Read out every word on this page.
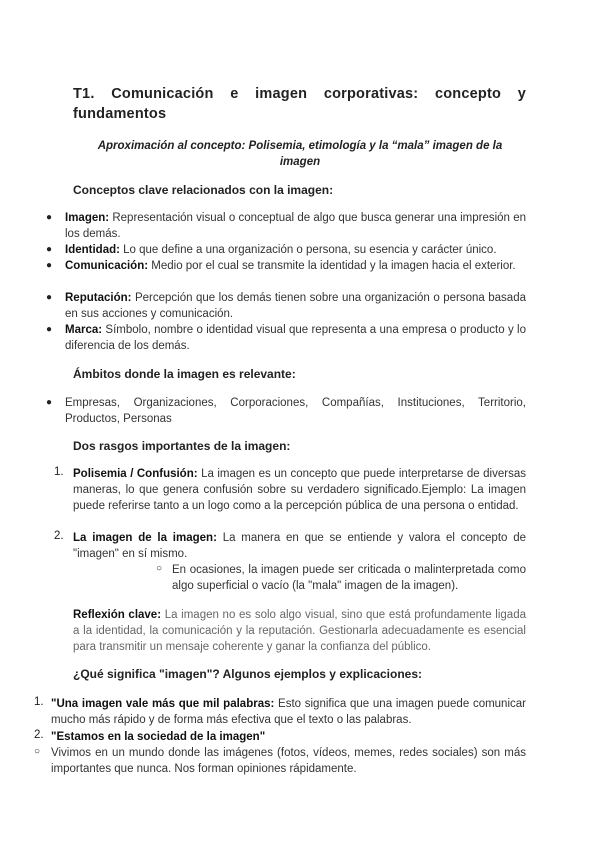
T1. Comunicación e imagen corporativas: concepto y
fundamentos
Aproximación al concepto: Polisemia, etimología y la “mala” imagen de la imagen
Conceptos clave relacionados con la imagen:
● Imagen: Representación visual o conceptual de algo que busca generar una impresión en los demás.
● Identidad: Lo que define a una organización o persona, su esencia y carácter único.
● Comunicación: Medio por el cual se transmite la identidad y la imagen hacia el exterior.
● Reputación: Percepción que los demás tienen sobre una organización o persona basada en sus acciones y comunicación.
● Marca: Símbolo, nombre o identidad visual que representa a una empresa o producto y lo diferencia de los demás.
Ámbitos donde la imagen es relevante:
● Empresas, Organizaciones, Corporaciones, Compañías, Instituciones, Territorio, Productos, Personas
Dos rasgos importantes de la imagen:
1. Polisemia / Confusión: La imagen es un concepto que puede interpretarse de diversas maneras, lo que genera confusión sobre su verdadero significado.Ejemplo: La imagen puede referirse tanto a un logo como a la percepción pública de una persona o entidad.
2. La imagen de la imagen: La manera en que se entiende y valora el concepto de "imagen" en sí mismo.
○ En ocasiones, la imagen puede ser criticada o malinterpretada como algo superficial o vacío (la "mala" imagen de la imagen).
Reflexión clave: La imagen no es solo algo visual, sino que está profundamente ligada a la identidad, la comunicación y la reputación. Gestionarla adecuadamente es esencial para transmitir un mensaje coherente y ganar la confianza del público.
¿Qué significa "imagen"? Algunos ejemplos y explicaciones:
1. "Una imagen vale más que mil palabras: Esto significa que una imagen puede comunicar mucho más rápido y de forma más efectiva que el texto o las palabras.
2. "Estamos en la sociedad de la imagen"
○ Vivimos en un mundo donde las imágenes (fotos, vídeos, memes, redes sociales) son más importantes que nunca. Nos forman opiniones rápidamente.
